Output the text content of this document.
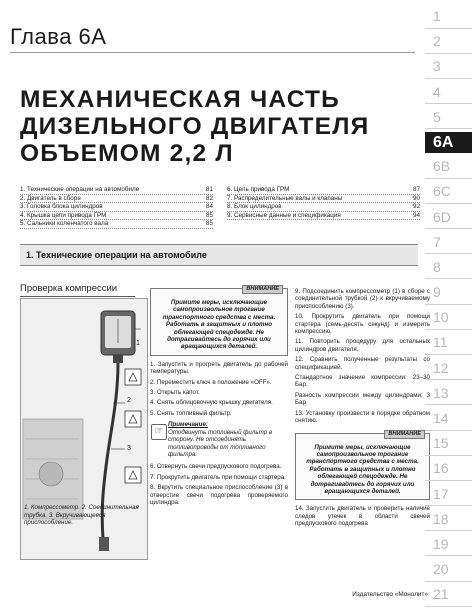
Глава 6А
МЕХАНИЧЕСКАЯ ЧАСТЬ
ДИЗЕЛЬНОГО ДВИГАТЕЛЯ
ОБЪЕМОМ 2,2 Л
1. Технические операции на автомобиле	81
2. Двигатель в сборе	82
3. Головка блока цилиндров	84
4. Крышка цепи привода ГРМ	85
5. Сальники коленчатого вала	85
6. Цепь привода ГРМ	87
7. Распределительные валы и клапаны	90
8. Блок цилиндров	92
9. Сервисные данные и спецификация	94
1. Технические операции на автомобиле
Проверка компрессии
1
2
3
1. Компрессометр. 2. Соединительная трубка. 3. Вкручивающееся приспособление.
ВНИМАНИЕ
Примите меры, исключающие самопроизвольное трогание транспортного средства с места. Работать в защитных и плотно облегающей спецодежде. Не дотрагивайтесь до горячих или вращающихся деталей.

1. Запустить и прогреть двигатель до рабочей температуры.

2. Переместить ключ в положение «OFF».

3. Открыть капот.

4. Снять облицовочную крышку двигателя.

5. Снять топливный фильтр.

☞
Примечание:
Отодвинуть топливный фильтр в сторону. Не отсоединять топливопроводы от топливного фильтра.

6. Отвернуть свечи предпускового подогрева.

7. Прокрутить двигатель при помощи стартера.

8. Вкрутить специальное приспособление (3) в отверстие свечи подогрева проверяемого цилиндра.

9. Подсоединить компрессометр (1) в сборе с соединительной трубкой (2) к вкручиваемому приспособлению (3).

10. Прокрутить двигатель при помощи стартера (семь-десять секунд) и измерить компрессию.

11. Повторить процедуру для остальных цилиндров двигателя.

12. Сравнить полученные результаты со спецификацией.

Стандартное значение компрессии: 23–30 Бар.

Разность компрессии между цилиндрами: 3 Бар

13. Установку произвести в порядке обратном снятию.

ВНИМАНИЕ
Примите меры, исключающие самопроизвольное трогание транспортного средства с места. Работать в защитных и плотно облегающей спецодежде. Не дотрагивайтесь до горячих или вращающихся деталей.

14. Запустить двигатель и проверить наличие следов утечек в области свечей предпускового подогрева

1
2
3
4
5
6A
6B
6C
6D
7
8
9
10
11
12
13
14
15
16
17
18
19
20
21
Издательство «Монолит»
